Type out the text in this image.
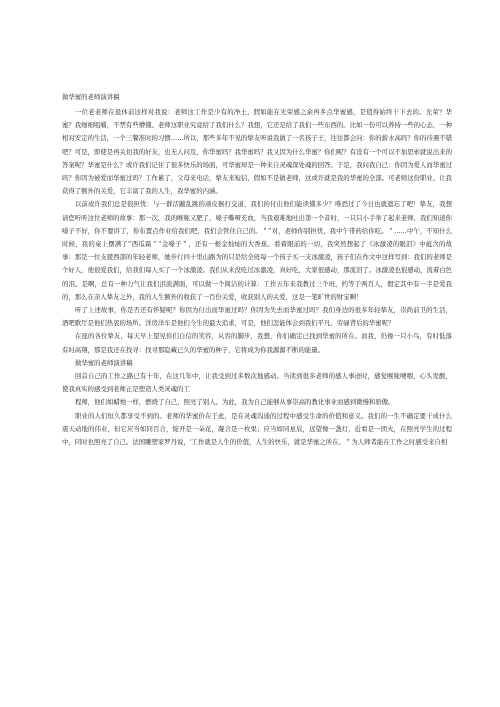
做华蜜的老师演讲稿

一位老老师在退休前这样对我说：老师这工作是少有的净土，假如能在光荣感之余再多点华蜜感，是值得始终干下去的。光荣？华蜜？我细细咀嚼，不禁有些懵懂。老师这职业究竟给了我们什么？我想，它还是给了我们一些东西的。比如一份可以养持一些的心态，一种相对安定的生活，一个三餐准时的习惯……所以，那些多年不见的挚友听说我做了一名孩子王，往往都会问：你的薪水高吗？你的待遇不错吧？可是，即使是再关切我的好友，也无人问及，你华蜜吗？我华蜜吗？我又因为什么华蜜？你们呢？有没有一个可以不加思索就说出来的答案呢？华蜜是什么？或许我们记住了很多快乐的场面，可华蜜却是一种来自灵魂深处魂的回答。于是，我问我自己：你因为爱人而华蜜过吗？你因为被爱而华蜜过吗？工作累了，父母来电话，挚友来短信，假如不是做老师，这或许就是我的华蜜的全部。可老师这份职业，让我获得了额外的关爱，它丰富了我的人生，我华蜜的内涵。

以前或许我们总是很担忧：与一群活蹦乱跳的顽皮猴打交道，我们的付出他们能读懂多少？唯恐过了今日也就遗忘了吧！挚友，我想请您听听这位老师的故事：那一次，我的喉咙又肥了，嗓子嘶哑充血，当我艰难地吐出第一个音时，一只只小手举了起来老师，我们知道你嗓子不好，你不要讲了，你布置点作业给我们吧，我们会管住自己的。＂''对，老师你别担忧，我中午带药给你吃。＂……中午，不知什么时候，我的桌上摆满了''西瓜霜＂''金嗓子＂，还有一根金灿灿的大香蕉。看着眼前的一切，我突然想起了《冰激凌的眼泪》中蕴含的故事：那是一位支援西部的年轻老师，她步行四十里山路为的只是给全班每一个孩子买一支冰激凌，孩子们在作文中这样写到：我们的老师是个好人，他很爱我们，给我们每人买了一个冰激凌。我们从来没吃过冰激凌，真好吃，大家很感动，那流泪了。冰激凌也很感动，流着白色的泪。是啊，总有一种力气让我们泪流满面，可以做一个简洁的计算：工作五年来我教过三个班，约等于两百人，假定其中有一半是爱我的，那么在亲人挚友之外，我的人生额外的收获了一百份关爱，收获别人的关爱，这是一笔旷世的财宝啊！

听了上述故事，你是否还有怀疑呢？你因为付出而华蜜过吗？你因为失去而华蜜过吗？我们身边的很多年轻挚友，崇尚前卫的生活，酒吧歌厅是他们热衷的场所。洋房洋车是他们今生的最大追求，可是，他们怎能体会到我们平凡、劳碌背后的华蜜呢？

在座的各位挚友，每天早上望见你们自信的笑容，从容的脚步，我想，你们确定已找到华蜜的所在。而我，仍像一只小鸟，有时低落有时高翔，那是我还在找寻：找寻那隐藏已久的华蜜的种子，它将成为你我源源不断的能量。

做华蜜的老师演讲稿

回首自己的工作之路已有十年，在这几年中，让我受到过多数次地感动。当读到很多老师的感人事迹时，感觉喉咙哽咽，心头发酸，使我真实的感受到老师正是塑造人类灵魂的工

程师，他们如蜡烛一样，燃烧了自己，照亮了别人。为此，我为自己能够从事崇高的教化事业而感到微慢和骄傲。

职业的人们恒久都享受不到的。老师的华蜜价在于此，是在灵魂沟通的过程中感受生命的价值和意义。我们的一生不确定要干成什么震天动地的伟业，但它应当如同百合，绽开是一朵花，凝合是一枚果；应当如同星辰，远望像一盏灯，近看是一团火，在照亮学生的过程中，同时也照亮了自己。法国雕塑家罗丹说，'工作就是人生的价值，人生的快乐，就是华蜜之所在。＂为人师者能在工作之时感受来自相
